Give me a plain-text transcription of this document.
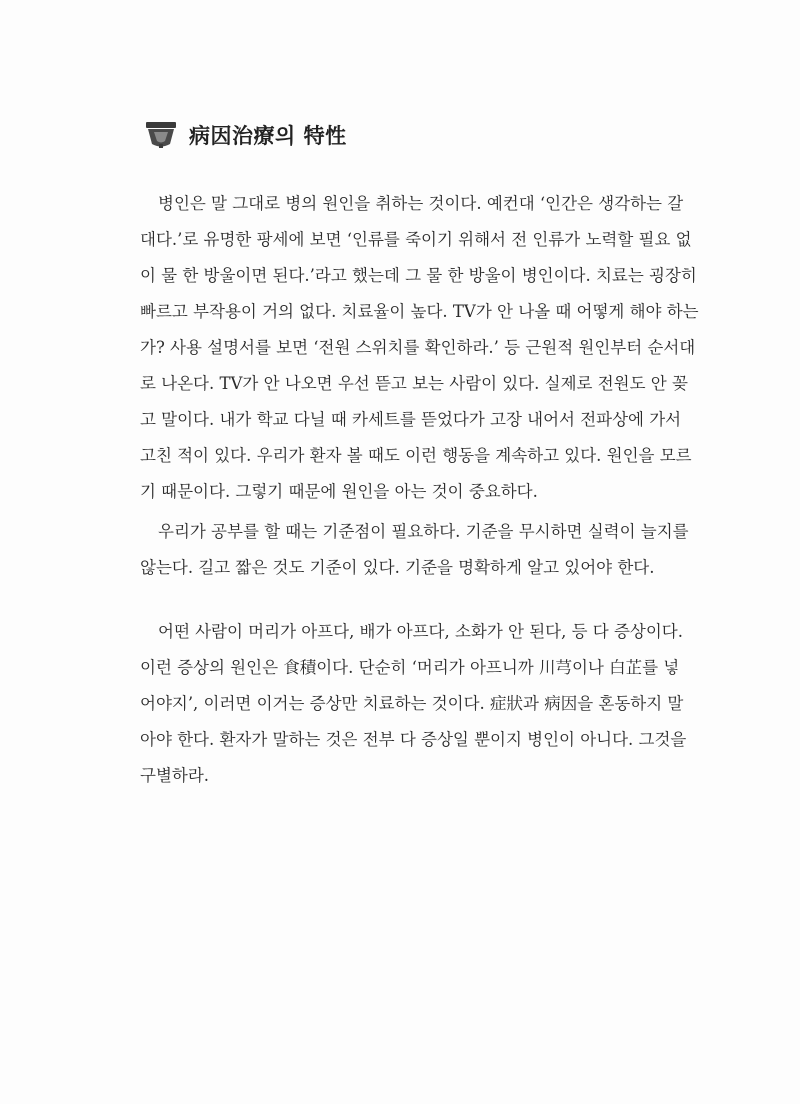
病因治療의 特性
병인은 말 그대로 병의 원인을 취하는 것이다. 예컨대 ‘인간은 생각하는 갈
대다.’로 유명한 팡세에 보면 ‘인류를 죽이기 위해서 전 인류가 노력할 필요 없
이 물 한 방울이면 된다.’라고 했는데 그 물 한 방울이 병인이다. 치료는 굉장히
빠르고 부작용이 거의 없다. 치료율이 높다. TV가 안 나올 때 어떻게 해야 하는
가? 사용 설명서를 보면 ‘전원 스위치를 확인하라.’ 등 근원적 원인부터 순서대
로 나온다. TV가 안 나오면 우선 뜯고 보는 사람이 있다. 실제로 전원도 안 꽂
고 말이다. 내가 학교 다닐 때 카세트를 뜯었다가 고장 내어서 전파상에 가서
고친 적이 있다. 우리가 환자 볼 때도 이런 행동을 계속하고 있다. 원인을 모르
기 때문이다. 그렇기 때문에 원인을 아는 것이 중요하다.
우리가 공부를 할 때는 기준점이 필요하다. 기준을 무시하면 실력이 늘지를
않는다. 길고 짧은 것도 기준이 있다. 기준을 명확하게 알고 있어야 한다.
어떤 사람이 머리가 아프다, 배가 아프다, 소화가 안 된다, 등 다 증상이다.
이런 증상의 원인은 食積이다. 단순히 ‘머리가 아프니까 川芎이나 白芷를 넣
어야지’, 이러면 이거는 증상만 치료하는 것이다. 症狀과 病因을 혼동하지 말
아야 한다. 환자가 말하는 것은 전부 다 증상일 뿐이지 병인이 아니다. 그것을
구별하라.
